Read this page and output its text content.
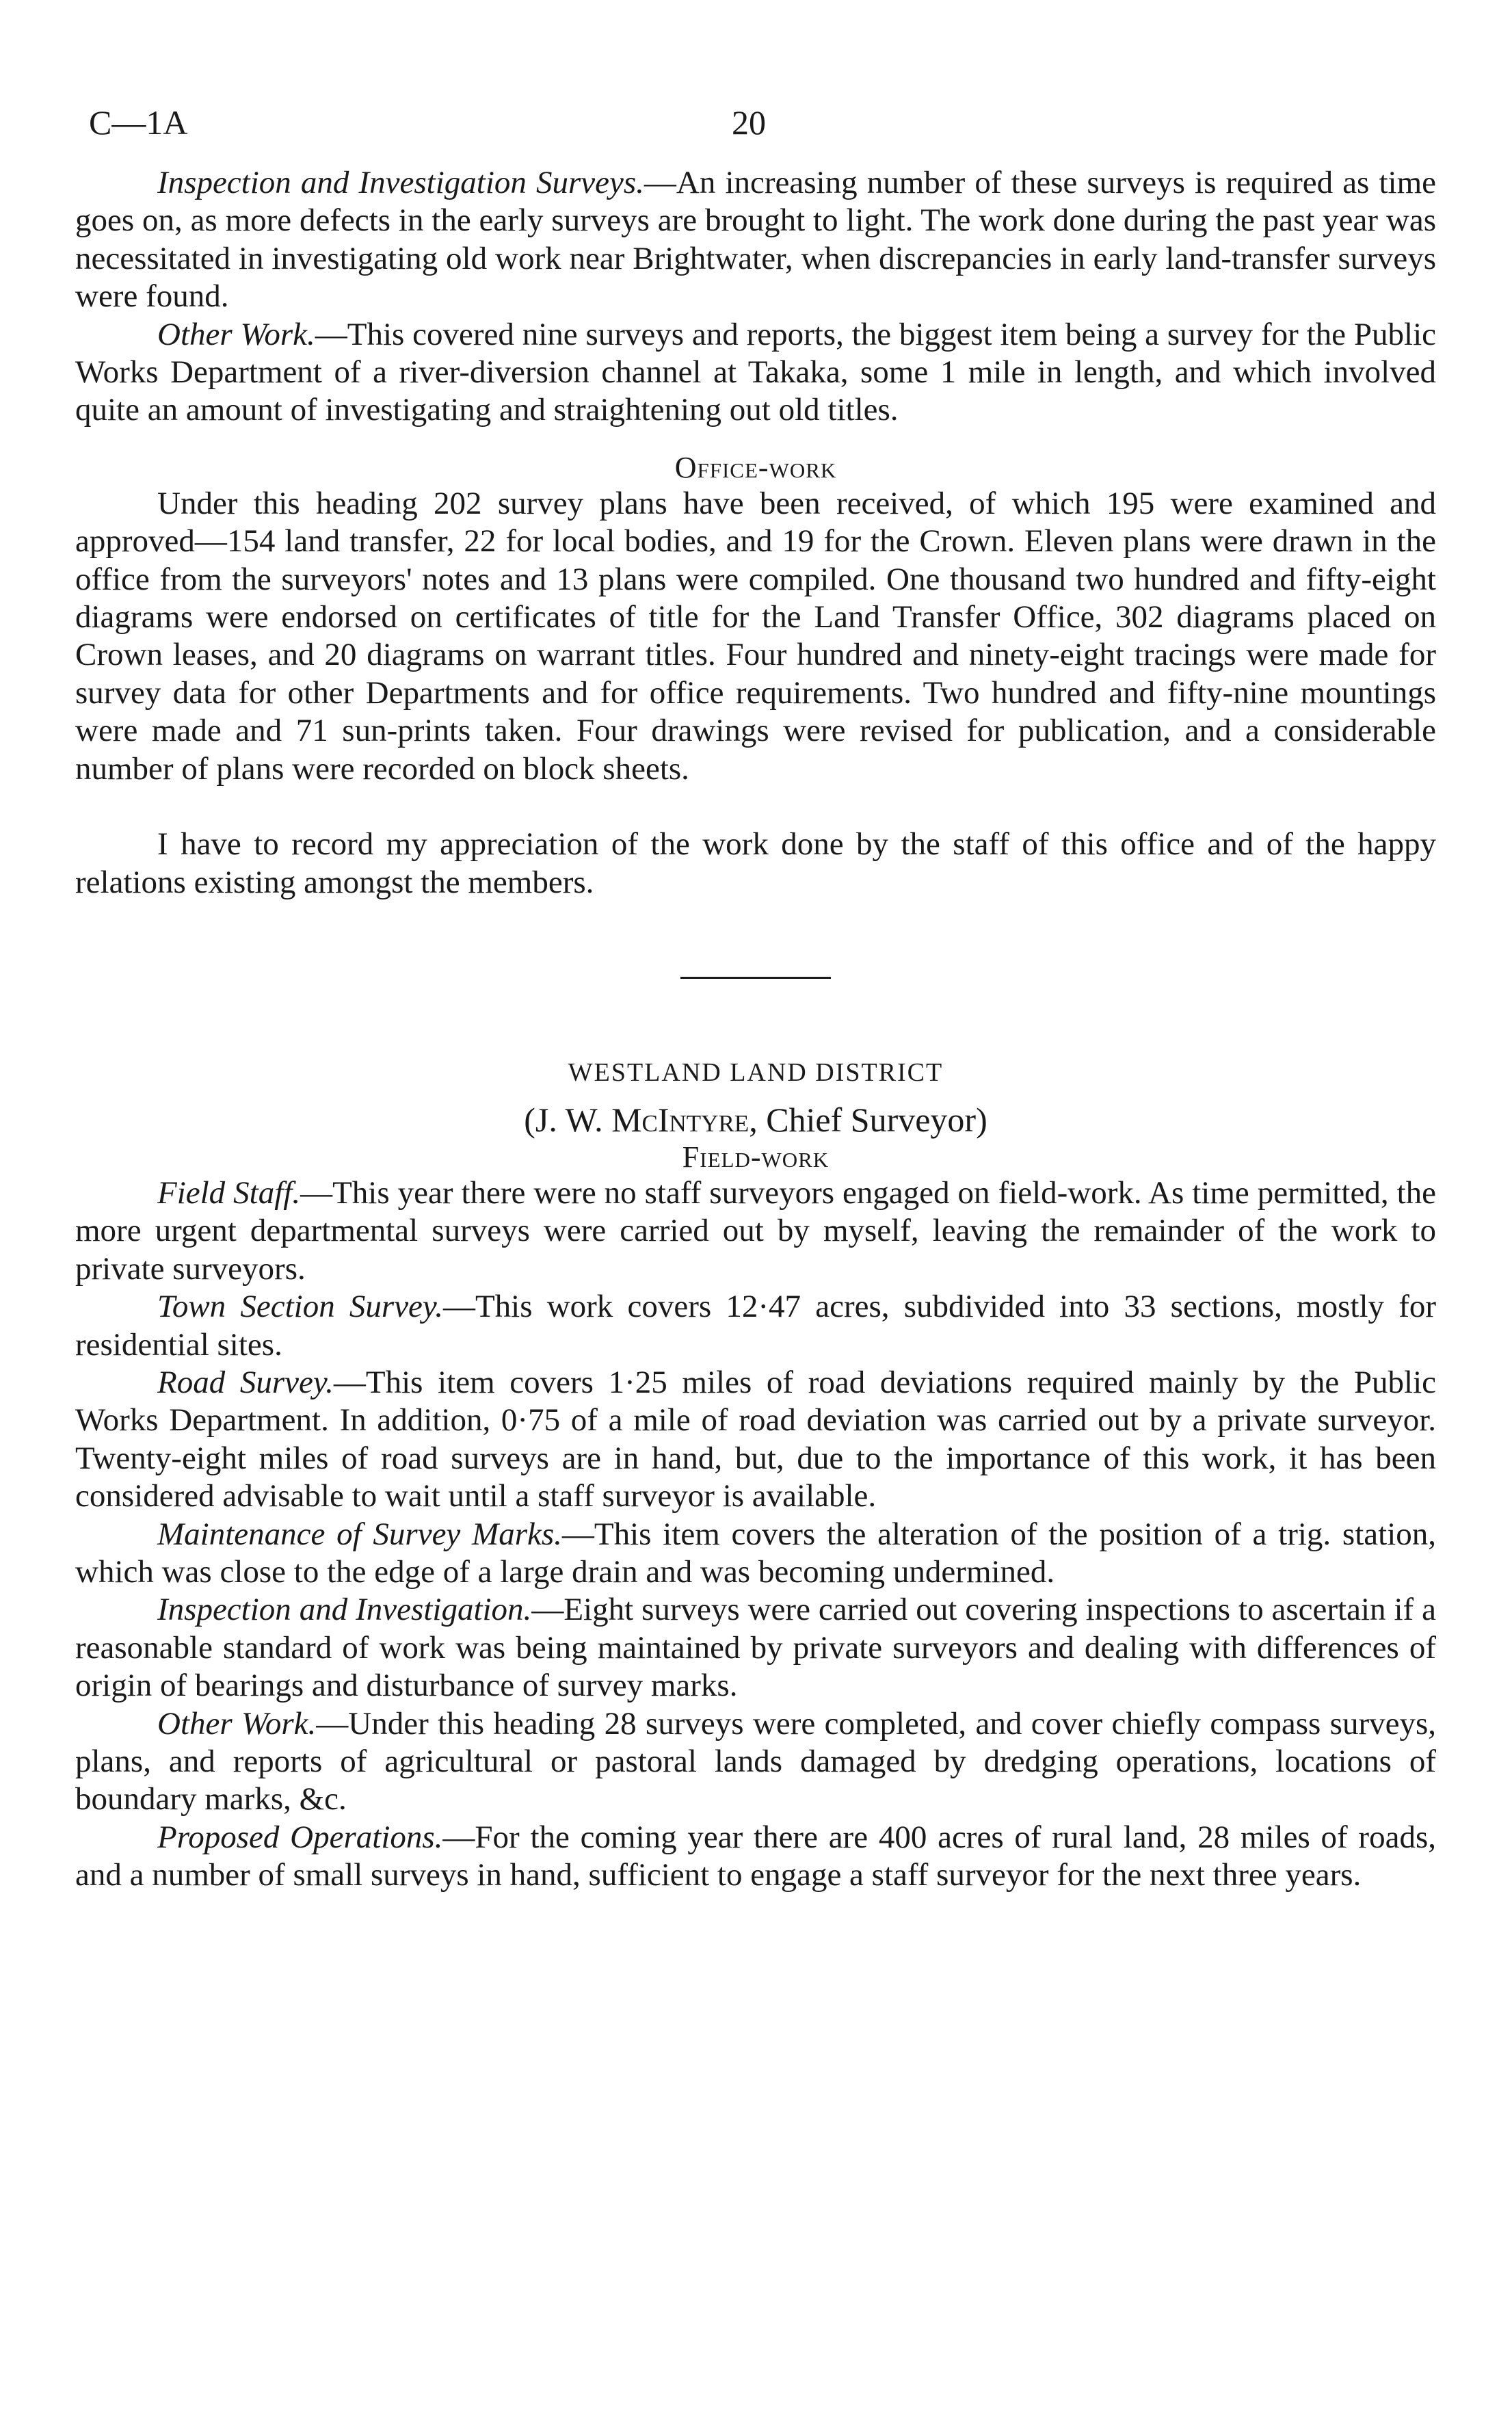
C—1A	20

Inspection and Investigation Surveys.—An increasing number of these surveys is required as time goes on, as more defects in the early surveys are brought to light. The work done during the past year was necessitated in investigating old work near Brightwater, when discrepancies in early land-transfer surveys were found.

Other Work.—This covered nine surveys and reports, the biggest item being a survey for the Public Works Department of a river-diversion channel at Takaka, some 1 mile in length, and which involved quite an amount of investigating and straightening out old titles.

Office-work

Under this heading 202 survey plans have been received, of which 195 were examined and approved—154 land transfer, 22 for local bodies, and 19 for the Crown. Eleven plans were drawn in the office from the surveyors' notes and 13 plans were compiled. One thousand two hundred and fifty-eight diagrams were endorsed on certificates of title for the Land Transfer Office, 302 diagrams placed on Crown leases, and 20 diagrams on warrant titles. Four hundred and ninety-eight tracings were made for survey data for other Departments and for office requirements. Two hundred and fifty-nine mountings were made and 71 sun-prints taken. Four drawings were revised for publication, and a considerable number of plans were recorded on block sheets.

I have to record my appreciation of the work done by the staff of this office and of the happy relations existing amongst the members.

WESTLAND LAND DISTRICT

(J. W. McIntyre, Chief Surveyor)

Field-work

Field Staff.—This year there were no staff surveyors engaged on field-work. As time permitted, the more urgent departmental surveys were carried out by myself, leaving the remainder of the work to private surveyors.

Town Section Survey.—This work covers 12·47 acres, subdivided into 33 sections, mostly for residential sites.

Road Survey.—This item covers 1·25 miles of road deviations required mainly by the Public Works Department. In addition, 0·75 of a mile of road deviation was carried out by a private surveyor. Twenty-eight miles of road surveys are in hand, but, due to the importance of this work, it has been considered advisable to wait until a staff surveyor is available.

Maintenance of Survey Marks.—This item covers the alteration of the position of a trig. station, which was close to the edge of a large drain and was becoming undermined.

Inspection and Investigation.—Eight surveys were carried out covering inspections to ascertain if a reasonable standard of work was being maintained by private surveyors and dealing with differences of origin of bearings and disturbance of survey marks.

Other Work.—Under this heading 28 surveys were completed, and cover chiefly compass surveys, plans, and reports of agricultural or pastoral lands damaged by dredging operations, locations of boundary marks, &c.

Proposed Operations.—For the coming year there are 400 acres of rural land, 28 miles of roads, and a number of small surveys in hand, sufficient to engage a staff surveyor for the next three years.
